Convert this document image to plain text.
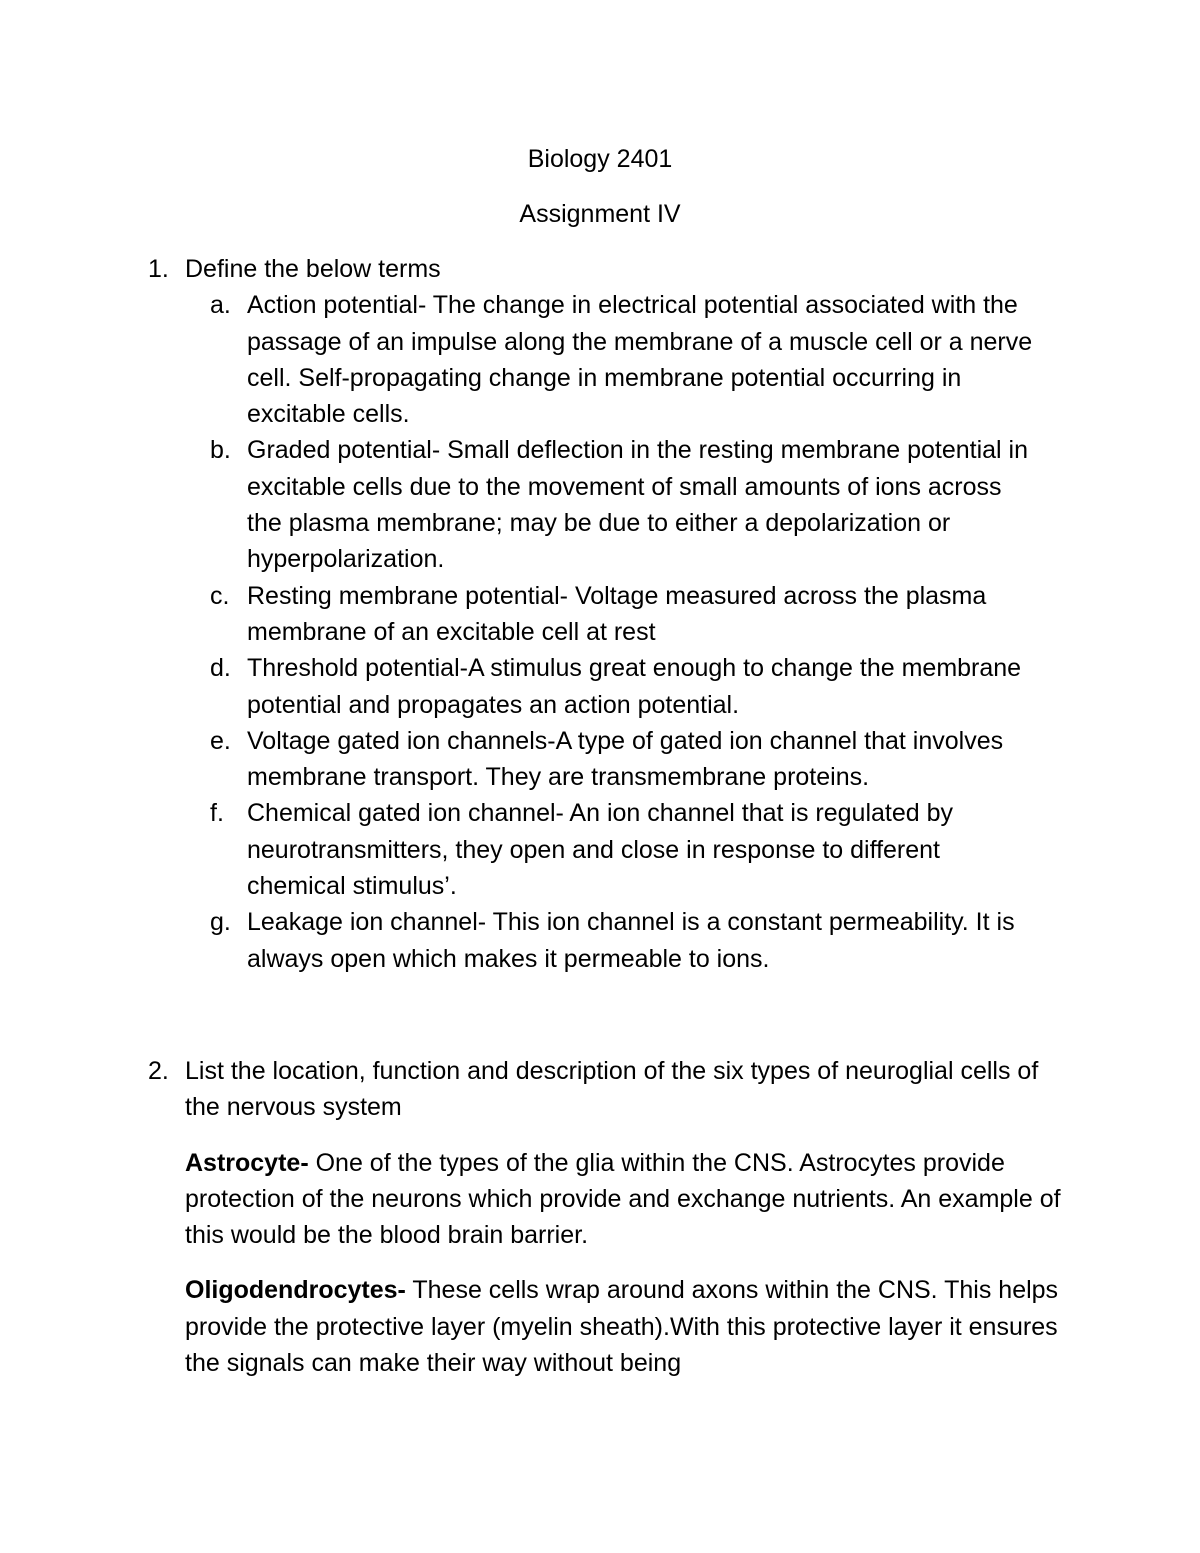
Biology 2401

Assignment IV

1. Define the below terms
a. Action potential- The change in electrical potential associated with the passage of an impulse along the membrane of a muscle cell or a nerve cell. Self-propagating change in membrane potential occurring in excitable cells.
b. Graded potential- Small deflection in the resting membrane potential in excitable cells due to the movement of small amounts of ions across the plasma membrane; may be due to either a depolarization or hyperpolarization.
c. Resting membrane potential- Voltage measured across the plasma membrane of an excitable cell at rest
d. Threshold potential-A stimulus great enough to change the membrane potential and propagates an action potential.
e. Voltage gated ion channels-A type of gated ion channel that involves membrane transport. They are transmembrane proteins.
f. Chemical gated ion channel- An ion channel that is regulated by neurotransmitters, they open and close in response to different chemical stimulus’.
g. Leakage ion channel- This ion channel is a constant permeability. It is always open which makes it permeable to ions.
2. List the location, function and description of the six types of neuroglial cells of the nervous system

Astrocyte- One of the types of the glia within the CNS. Astrocytes provide protection of the neurons which provide and exchange nutrients. An example of this would be the blood brain barrier.

Oligodendrocytes- These cells wrap around axons within the CNS. This helps provide the protective layer (myelin sheath).With this protective layer it ensures the signals can make their way without being
